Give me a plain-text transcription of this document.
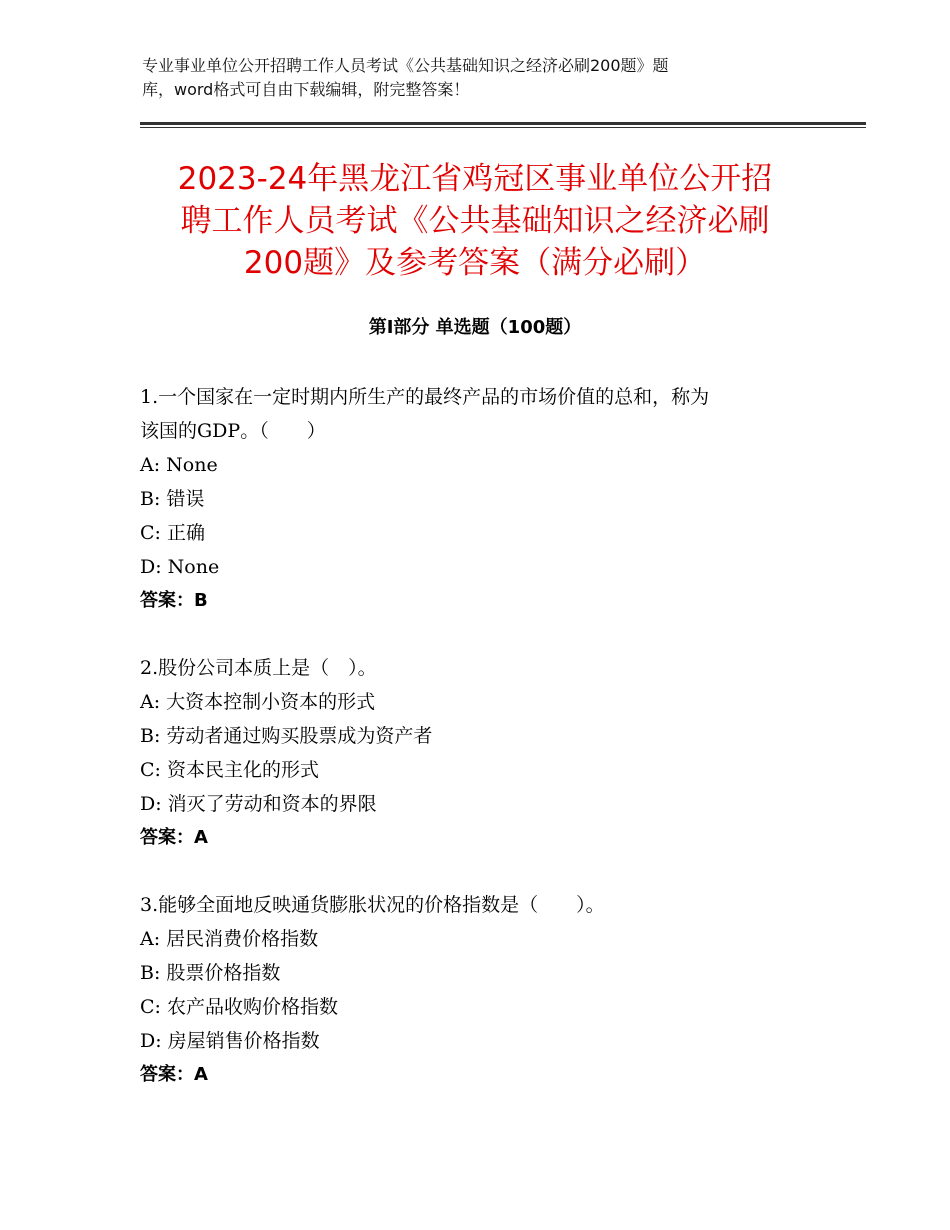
专业事业单位公开招聘工作人员考试《公共基础知识之经济必刷200题》题
库，word格式可自由下载编辑，附完整答案！
2023-24年黑龙江省鸡冠区事业单位公开招
聘工作人员考试《公共基础知识之经济必刷
200题》及参考答案（满分必刷）
第Ⅰ部分 单选题（100题）
1.一个国家在一定时期内所生产的最终产品的市场价值的总和，称为
该国的GDP。（　　）
A: None
B: 错误
C: 正确
D: None
答案：B
2.股份公司本质上是（　）。
A: 大资本控制小资本的形式
B: 劳动者通过购买股票成为资产者
C: 资本民主化的形式
D: 消灭了劳动和资本的界限
答案：A
3.能够全面地反映通货膨胀状况的价格指数是（　　）。
A: 居民消费价格指数
B: 股票价格指数
C: 农产品收购价格指数
D: 房屋销售价格指数
答案：A
